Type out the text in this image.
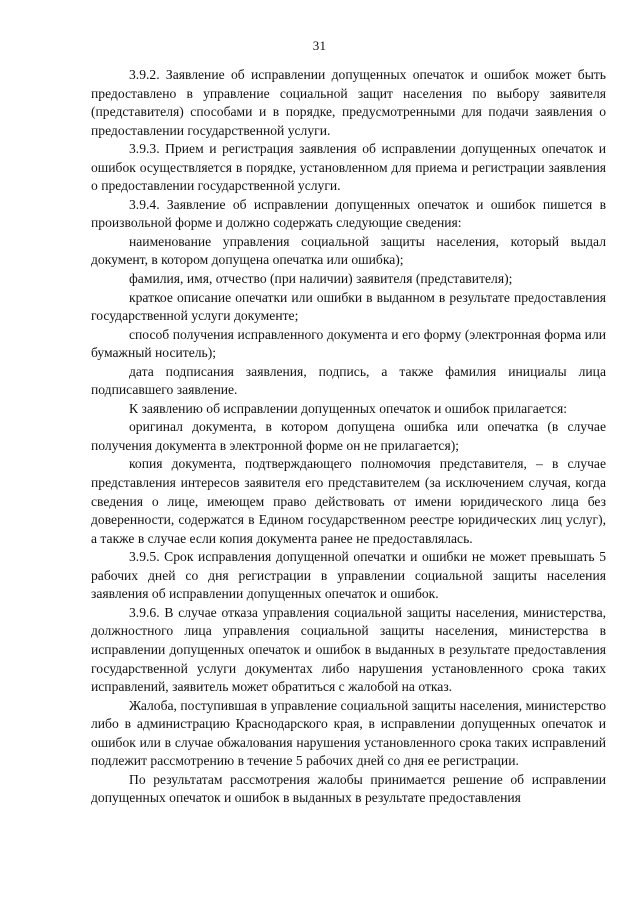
31

3.9.2. Заявление об исправлении допущенных опечаток и ошибок может быть предоставлено в управление социальной защит населения по выбору заявителя (представителя) способами и в порядке, предусмотренными для подачи заявления о предоставлении государственной услуги.

3.9.3. Прием и регистрация заявления об исправлении допущенных опечаток и ошибок осуществляется в порядке, установленном для приема и регистрации заявления о предоставлении государственной услуги.

3.9.4. Заявление об исправлении допущенных опечаток и ошибок пишется в произвольной форме и должно содержать следующие сведения:

наименование управления социальной защиты населения, который выдал документ, в котором допущена опечатка или ошибка);

фамилия, имя, отчество (при наличии) заявителя (представителя);

краткое описание опечатки или ошибки в выданном в результате предоставления государственной услуги документе;

способ получения исправленного документа и его форму (электронная форма или бумажный носитель);

дата подписания заявления, подпись, а также фамилия инициалы лица подписавшего заявление.

К заявлению об исправлении допущенных опечаток и ошибок прилагается:

оригинал документа, в котором допущена ошибка или опечатка (в случае получения документа в электронной форме он не прилагается);

копия документа, подтверждающего полномочия представителя, – в случае представления интересов заявителя его представителем (за исключением случая, когда сведения о лице, имеющем право действовать от имени юридического лица без доверенности, содержатся в Едином государственном реестре юридических лиц услуг), а также в случае если копия документа ранее не предоставлялась.

3.9.5. Срок исправления допущенной опечатки и ошибки не может превышать 5 рабочих дней со дня регистрации в управлении социальной защиты населения заявления об исправлении допущенных опечаток и ошибок.

3.9.6. В случае отказа управления социальной защиты населения, министерства, должностного лица управления социальной защиты населения, министерства в исправлении допущенных опечаток и ошибок в выданных в результате предоставления государственной услуги документах либо нарушения установленного срока таких исправлений, заявитель может обратиться с жалобой на отказ.

Жалоба, поступившая в управление социальной защиты населения, министерство либо в администрацию Краснодарского края, в исправлении допущенных опечаток и ошибок или в случае обжалования нарушения установленного срока таких исправлений подлежит рассмотрению в течение 5 рабочих дней со дня ее регистрации.

По результатам рассмотрения жалобы принимается решение об исправлении допущенных опечаток и ошибок в выданных в результате предоставления
